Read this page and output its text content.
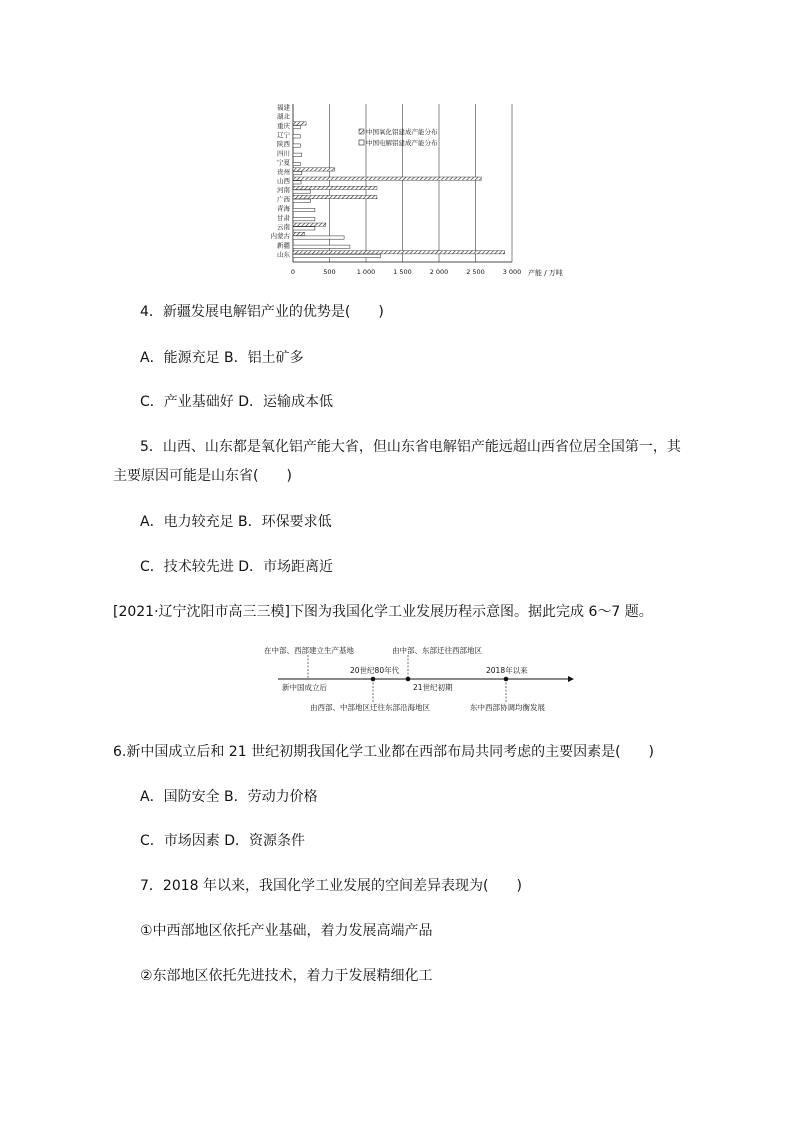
福建
湖北
重庆
辽宁
陕西
四川
宁夏
贵州
山西
河南
广西
青海
甘肃
云南
内蒙古
新疆
山东
0	500	1 000	1 500	2 000	2 500	3 000 产能 / 万吨
中国氧化铝建成产能分布
中国电解铝建成产能分布
4．新疆发展电解铝产业的优势是(　　)
A．能源充足 B．铝土矿多
C．产业基础好 D．运输成本低
5．山西、山东都是氧化铝产能大省，但山东省电解铝产能远超山西省位居全国第一，其
主要原因可能是山东省(　　)
A．电力较充足 B．环保要求低
C．技术较先进 D．市场距离近
[2021·辽宁沈阳市高三三模]下图为我国化学工业发展历程示意图。据此完成 6～7 题。
在中部、西部建立生产基地	由中部、东部迁往西部地区
20世纪80年代	2018年以来
新中国成立后	21世纪初期
由西部、中部地区迁往东部沿海地区	东中西部协调均衡发展
6.新中国成立后和 21 世纪初期我国化学工业都在西部布局共同考虑的主要因素是(　　)
A．国防安全 B．劳动力价格
C．市场因素 D．资源条件
7．2018 年以来，我国化学工业发展的空间差异表现为(　　)
①中西部地区依托产业基础，着力发展高端产品
②东部地区依托先进技术，着力于发展精细化工
